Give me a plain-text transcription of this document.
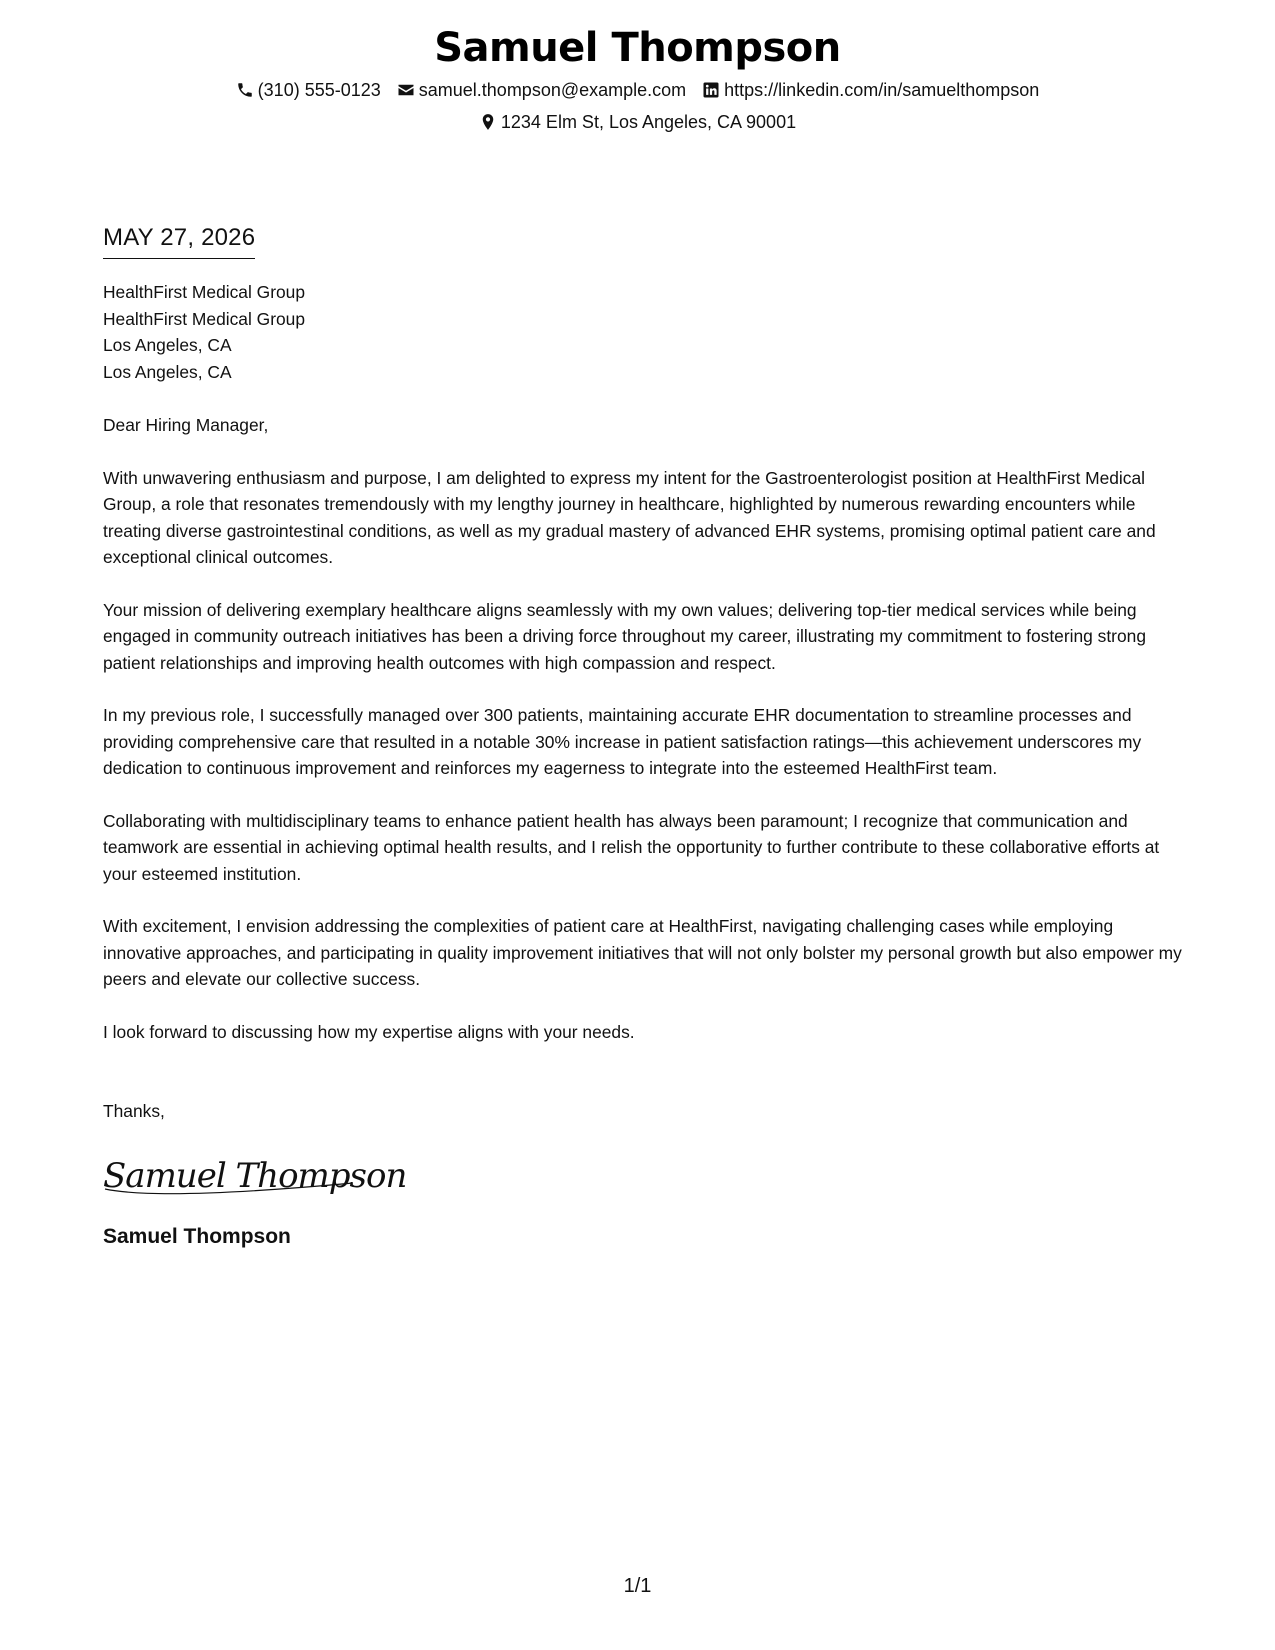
Samuel Thompson
(310) 555-0123 samuel.thompson@example.com https://linkedin.com/in/samuelthompson
1234 Elm St, Los Angeles, CA 90001
MAY 27, 2026
HealthFirst Medical Group
HealthFirst Medical Group
Los Angeles, CA
Los Angeles, CA
Dear Hiring Manager,

With unwavering enthusiasm and purpose, I am delighted to express my intent for the Gastroenterologist position at HealthFirst Medical Group, a role that resonates tremendously with my lengthy journey in healthcare, highlighted by numerous rewarding encounters while treating diverse gastrointestinal conditions, as well as my gradual mastery of advanced EHR systems, promising optimal patient care and exceptional clinical outcomes.

Your mission of delivering exemplary healthcare aligns seamlessly with my own values; delivering top-tier medical services while being engaged in community outreach initiatives has been a driving force throughout my career, illustrating my commitment to fostering strong patient relationships and improving health outcomes with high compassion and respect.

In my previous role, I successfully managed over 300 patients, maintaining accurate EHR documentation to streamline processes and providing comprehensive care that resulted in a notable 30% increase in patient satisfaction ratings—this achievement underscores my dedication to continuous improvement and reinforces my eagerness to integrate into the esteemed HealthFirst team.

Collaborating with multidisciplinary teams to enhance patient health has always been paramount; I recognize that communication and teamwork are essential in achieving optimal health results, and I relish the opportunity to further contribute to these collaborative efforts at your esteemed institution.

With excitement, I envision addressing the complexities of patient care at HealthFirst, navigating challenging cases while employing innovative approaches, and participating in quality improvement initiatives that will not only bolster my personal growth but also empower my peers and elevate our collective success.

I look forward to discussing how my expertise aligns with your needs.

Thanks,
Samuel Thompson
Samuel Thompson
1/1
